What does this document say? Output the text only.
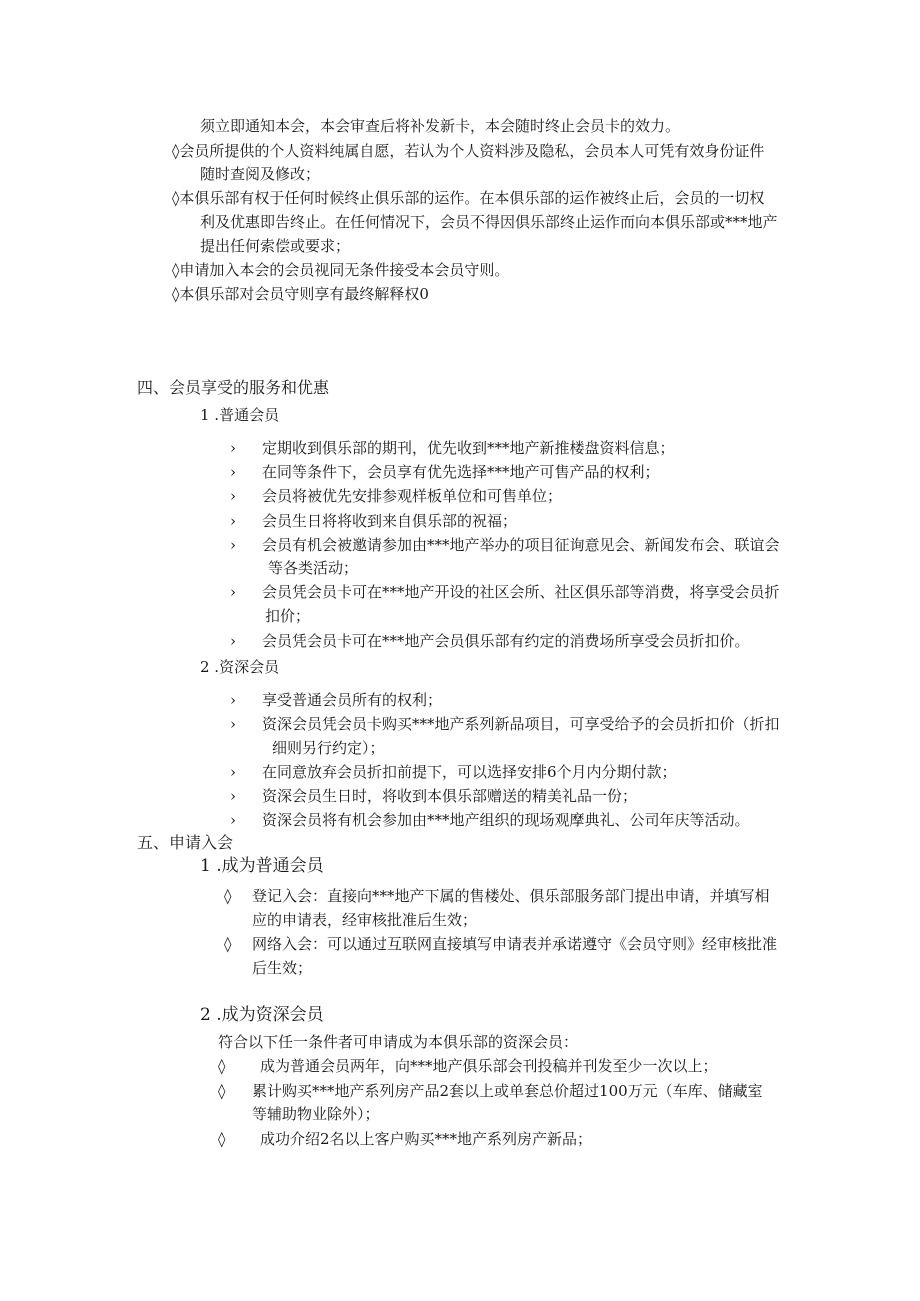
须立即通知本会，本会审查后将补发新卡，本会随时终止会员卡的效力。
◊会员所提供的个人资料纯属自愿，若认为个人资料涉及隐私，会员本人可凭有效身份证件
随时查阅及修改；
◊本俱乐部有权于任何时候终止俱乐部的运作。在本俱乐部的运作被终止后，会员的一切权
利及优惠即告终止。在任何情况下，会员不得因俱乐部终止运作而向本俱乐部或***地产
提出任何索偿或要求；
◊申请加入本会的会员视同无条件接受本会员守则。
◊本俱乐部对会员守则享有最终解释权0
四、会员享受的服务和优惠
1 .普通会员
› 定期收到俱乐部的期刊，优先收到***地产新推楼盘资料信息；
› 在同等条件下，会员享有优先选择***地产可售产品的权利；
› 会员将被优先安排参观样板单位和可售单位；
› 会员生日将将收到来自俱乐部的祝福；
› 会员有机会被邀请参加由***地产举办的项目征询意见会、新闻发布会、联谊会
等各类活动；
› 会员凭会员卡可在***地产开设的社区会所、社区俱乐部等消费，将享受会员折
扣价；
› 会员凭会员卡可在***地产会员俱乐部有约定的消费场所享受会员折扣价。
2 .资深会员
› 享受普通会员所有的权利；
› 资深会员凭会员卡购买***地产系列新品项目，可享受给予的会员折扣价（折扣
细则另行约定）；
› 在同意放弃会员折扣前提下，可以选择安排6个月内分期付款；
› 资深会员生日时，将收到本俱乐部赠送的精美礼品一份；
› 资深会员将有机会参加由***地产组织的现场观摩典礼、公司年庆等活动。
五、申请入会
1 .成为普通会员
◊ 登记入会：直接向***地产下属的售楼处、俱乐部服务部门提出申请，并填写相
应的申请表，经审核批准后生效；
◊ 网络入会：可以通过互联网直接填写申请表并承诺遵守《会员守则》经审核批准
后生效；
2 .成为资深会员
符合以下任一条件者可申请成为本俱乐部的资深会员：
◊ 成为普通会员两年，向***地产俱乐部会刊投稿并刊发至少一次以上；
◊ 累计购买***地产系列房产品2套以上或单套总价超过100万元（车库、储藏室
等辅助物业除外）；
◊ 成功介绍2名以上客户购买***地产系列房产新品；
